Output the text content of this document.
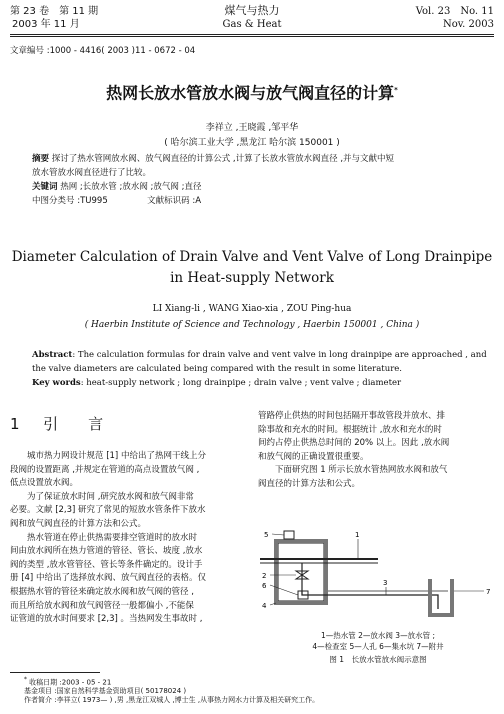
第 23 卷　第 11 期
2003 年 11 月
煤气与热力
Gas & Heat
Vol. 23　No. 11
Nov. 2003
文章编号 :1000 - 4416( 2003 )11 - 0672 - 04
热网长放水管放水阀与放气阀直径的计算*
李祥立 ,王晓霞 ,邹平华
( 哈尔滨工业大学 ,黑龙江 哈尔滨 150001 )
摘要 探讨了热水管网放水阀、放气阀直径的计算公式 ,计算了长放水管放水阀直径 ,并与文献中短
放水管放水阀直径进行了比较。
关键词 热网 ;长放水管 ;放水阀 ;放气阀 ;直径
中图分类号 :TU995	文献标识码 :A
Diameter Calculation of Drain Valve and Vent Valve of Long Drainpipe
in Heat-supply Network
LI Xiang-li , WANG Xiao-xia , ZOU Ping-hua
( Haerbin Institute of Science and Technology , Haerbin 150001 , China )
Abstract: The calculation formulas for drain valve and vent valve in long drainpipe are approached , and
the valve diameters are calculated being compared with the result in some literature.
Key words: heat-supply network ; long drainpipe ; drain valve ; vent valve ; diameter
1 引　　言
城市热力网设计规范 [1] 中给出了热网干线上分
段阀的设置距离 ,并规定在管道的高点设置放气阀 ,
低点设置放水阀。
为了保证放水时间 ,研究放水阀和放气阀非常
必要。文献 [2,3] 研究了常见的短放水管条件下放水
阀和放气阀直径的计算方法和公式。
热水管道在停止供热需要排空管道时的放水时
间由放水阀所在热力管道的管径、管长、坡度 ,放水
阀的类型 ,放水管管径、管长等条件确定的。设计手
册 [4] 中给出了选择放水阀、放气阀直径的表格。仅
根据热水管的管径来确定放水阀和放气阀的管径 ,
而且所给放水阀和放气阀管径一般都偏小 ,不能保
证管道的放水时间要求 [2,3] 。当热网发生事故时 ,
管路停止供热的时间包括隔开事故管段并放水、排
除事故和充水的时间。根据统计 ,放水和充水的时
间约占停止供热总时间的 20% 以上。因此 ,放水阀
和放气阀的正确设置很重要。
下面研究图 1 所示长放水管热网放水阀和放气
阀直径的计算方法和公式。
5	1
2
6	3
4
7
1—热水管 2—放水阀 3—放水管 ;
4—检查室 5—人孔 6—集水坑 7—附井
图 1　长放水管放水阀示意图
* 收稿日期 :2003 - 05 - 21
基金项目 :国家自然科学基金资助项目( 50178024 )
作者简介 :李祥立( 1973— ) ,男 ,黑龙江双城人 ,博士生 ,从事热力网水力计算及相关研究工作。
